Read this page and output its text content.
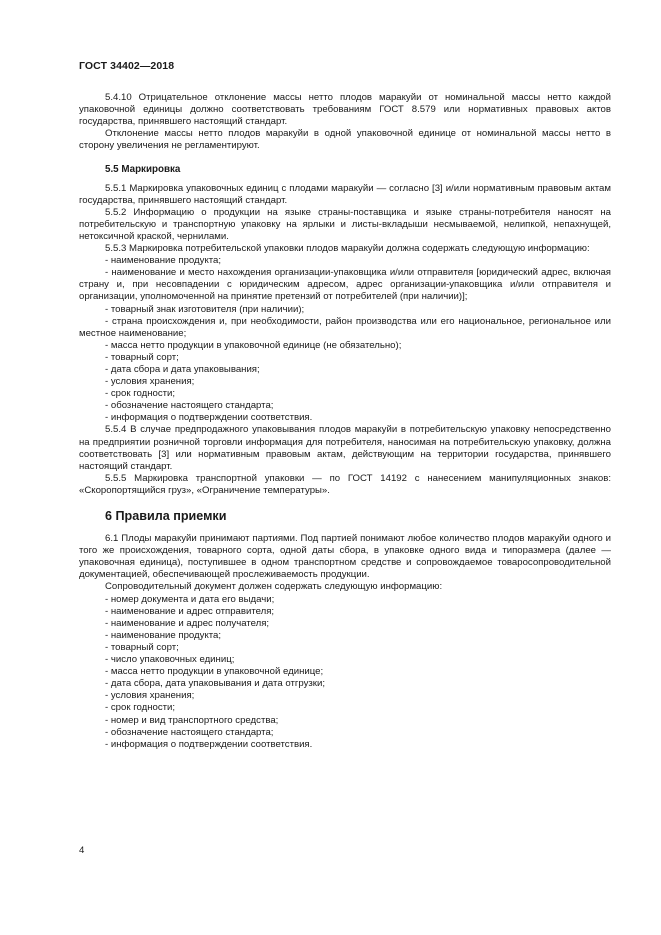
ГОСТ 34402—2018

5.4.10 Отрицательное отклонение массы нетто плодов маракуйи от номинальной массы нетто каждой упаковочной единицы должно соответствовать требованиям ГОСТ 8.579 или нормативных правовых актов государства, принявшего настоящий стандарт.

Отклонение массы нетто плодов маракуйи в одной упаковочной единице от номинальной массы нетто в сторону увеличения не регламентируют.

5.5 Маркировка

5.5.1 Маркировка упаковочных единиц с плодами маракуйи — согласно [3] и/или нормативным правовым актам государства, принявшего настоящий стандарт.

5.5.2 Информацию о продукции на языке страны-поставщика и языке страны-потребителя наносят на потребительскую и транспортную упаковку на ярлыки и листы-вкладыши несмываемой, нелипкой, непахнущей, нетоксичной краской, чернилами.

5.5.3 Маркировка потребительской упаковки плодов маракуйи должна содержать следующую информацию:

- наименование продукта;

- наименование и место нахождения организации-упаковщика и/или отправителя [юридический адрес, включая страну и, при несовпадении с юридическим адресом, адрес организации-упаковщика и/или отправителя и организации, уполномоченной на принятие претензий от потребителей (при наличии)];

- товарный знак изготовителя (при наличии);

- страна происхождения и, при необходимости, район производства или его национальное, региональное или местное наименование;

- масса нетто продукции в упаковочной единице (не обязательно);

- товарный сорт;

- дата сбора и дата упаковывания;

- условия хранения;

- срок годности;

- обозначение настоящего стандарта;

- информация о подтверждении соответствия.

5.5.4 В случае предпродажного упаковывания плодов маракуйи в потребительскую упаковку непосредственно на предприятии розничной торговли информация для потребителя, наносимая на потребительскую упаковку, должна соответствовать [3] или нормативным правовым актам, действующим на территории государства, принявшего настоящий стандарт.

5.5.5 Маркировка транспортной упаковки — по ГОСТ 14192 с нанесением манипуляционных знаков: «Скоропортящийся груз», «Ограничение температуры».

6 Правила приемки

6.1 Плоды маракуйи принимают партиями. Под партией понимают любое количество плодов маракуйи одного и того же происхождения, товарного сорта, одной даты сбора, в упаковке одного вида и типоразмера (далее — упаковочная единица), поступившее в одном транспортном средстве и сопровождаемое товаросопроводительной документацией, обеспечивающей прослеживаемость продукции.

Сопроводительный документ должен содержать следующую информацию:

- номер документа и дата его выдачи;

- наименование и адрес отправителя;

- наименование и адрес получателя;

- наименование продукта;

- товарный сорт;

- число упаковочных единиц;

- масса нетто продукции в упаковочной единице;

- дата сбора, дата упаковывания и дата отгрузки;

- условия хранения;

- срок годности;

- номер и вид транспортного средства;

- обозначение настоящего стандарта;

- информация о подтверждении соответствия.

4
